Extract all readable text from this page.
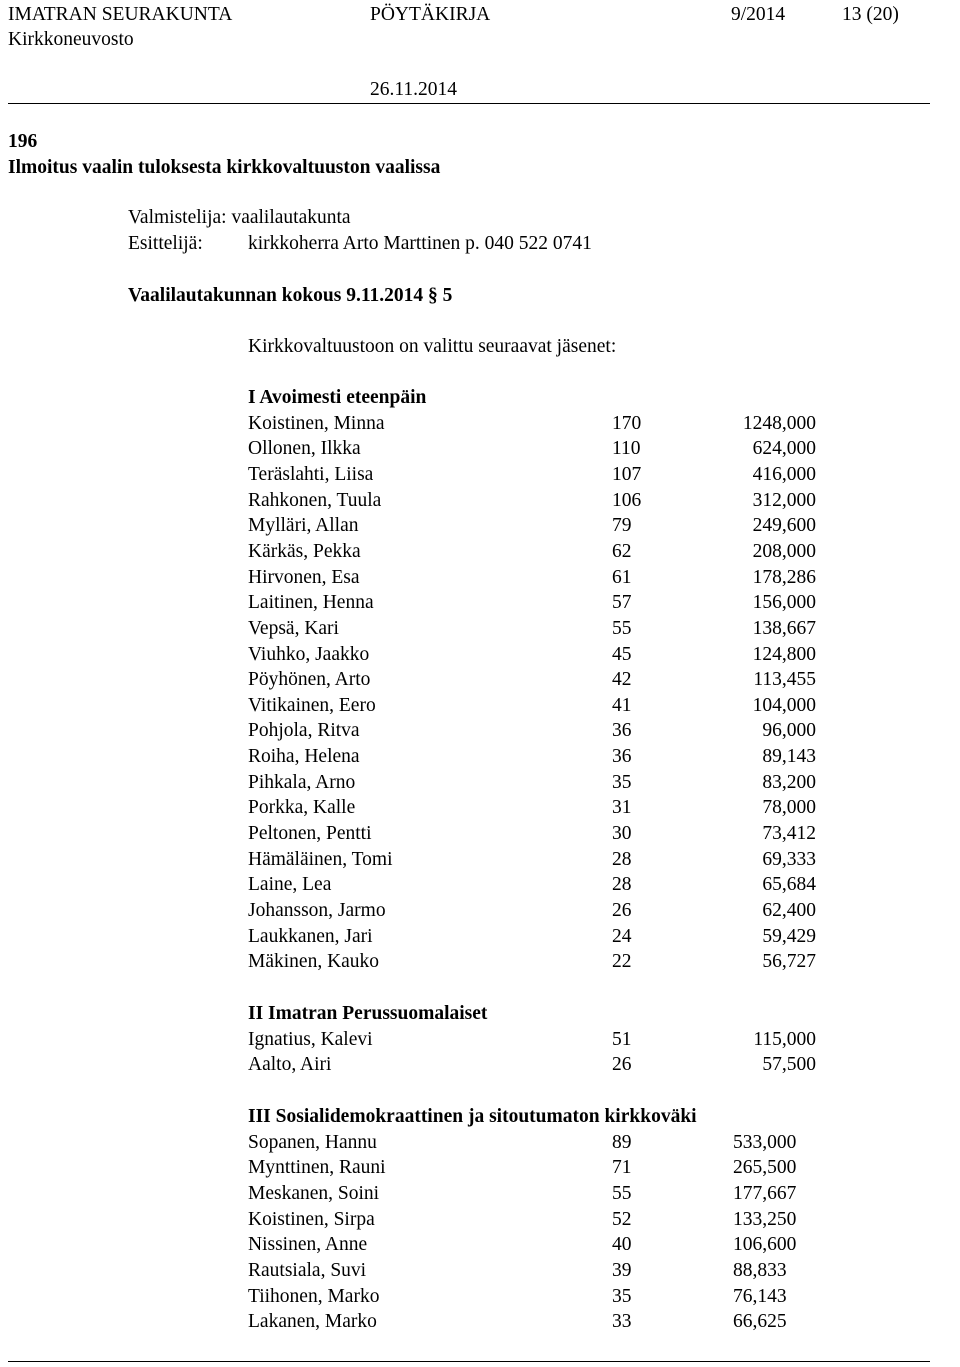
IMATRAN SEURAKUNTA	PÖYTÄKIRJA	9/2014	13 (20)
Kirkkoneuvosto
26.11.2014
196
Ilmoitus vaalin tuloksesta kirkkovaltuuston vaalissa
Valmistelija: vaalilautakunta
Esittelijä: kirkkoherra Arto Marttinen p. 040 522 0741
Vaalilautakunnan kokous 9.11.2014 § 5
Kirkkovaltuustoon on valittu seuraavat jäsenet:
I Avoimesti eteenpäin
Koistinen, Minna	170	1248,000
Ollonen, Ilkka	110	624,000
Teräslahti, Liisa	107	416,000
Rahkonen, Tuula	106	312,000
Mylläri, Allan	79	249,600
Kärkäs, Pekka	62	208,000
Hirvonen, Esa	61	178,286
Laitinen, Henna	57	156,000
Vepsä, Kari	55	138,667
Viuhko, Jaakko	45	124,800
Pöyhönen, Arto	42	113,455
Vitikainen, Eero	41	104,000
Pohjola, Ritva	36	96,000
Roiha, Helena	36	89,143
Pihkala, Arno	35	83,200
Porkka, Kalle	31	78,000
Peltonen, Pentti	30	73,412
Hämäläinen, Tomi	28	69,333
Laine, Lea	28	65,684
Johansson, Jarmo	26	62,400
Laukkanen, Jari	24	59,429
Mäkinen, Kauko	22	56,727
II Imatran Perussuomalaiset
Ignatius, Kalevi	51	115,000
Aalto, Airi	26	57,500
III Sosialidemokraattinen ja sitoutumaton kirkkoväki
Sopanen, Hannu	89	533,000
Mynttinen, Rauni	71	265,500
Meskanen, Soini	55	177,667
Koistinen, Sirpa	52	133,250
Nissinen, Anne	40	106,600
Rautsiala, Suvi	39	88,833
Tiihonen, Marko	35	76,143
Lakanen, Marko	33	66,625
